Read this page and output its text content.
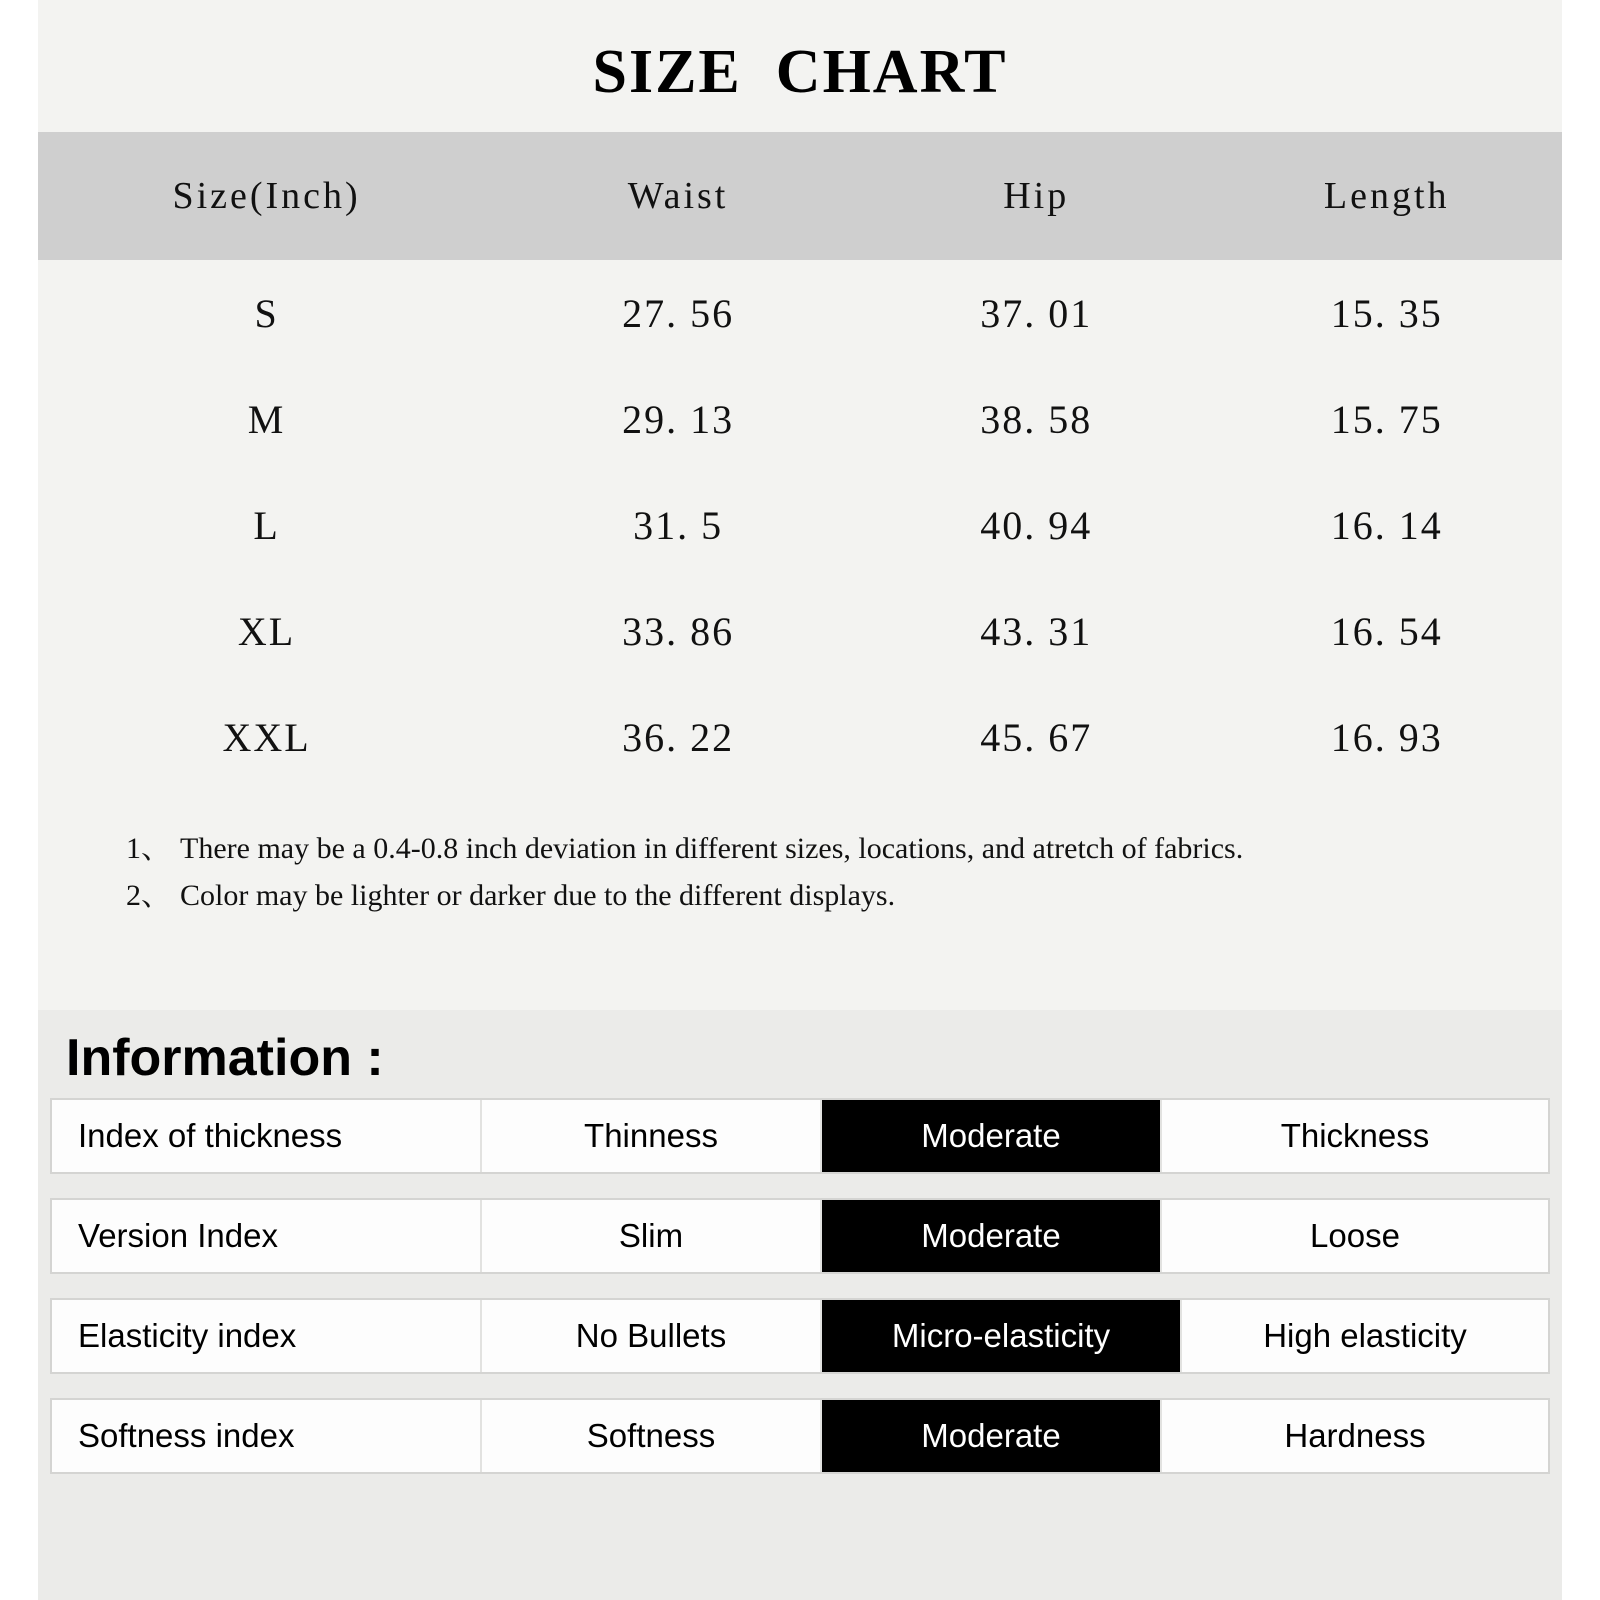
SIZE CHART
Size(Inch)	Waist	Hip	Length
S	27. 56	37. 01	15. 35
M	29. 13	38. 58	15. 75
L	31. 5	40. 94	16. 14
XL	33. 86	43. 31	16. 54
XXL	36. 22	45. 67	16. 93
1、 There may be a 0.4-0.8 inch deviation in different sizes, locations, and atretch of fabrics.
2、 Color may be lighter or darker due to the different displays.
Information :
Index of thickness	Thinness	Moderate	Thickness
Version Index	Slim	Moderate	Loose
Elasticity index	No Bullets	Micro-elasticity	High elasticity
Softness index	Softness	Moderate	Hardness
